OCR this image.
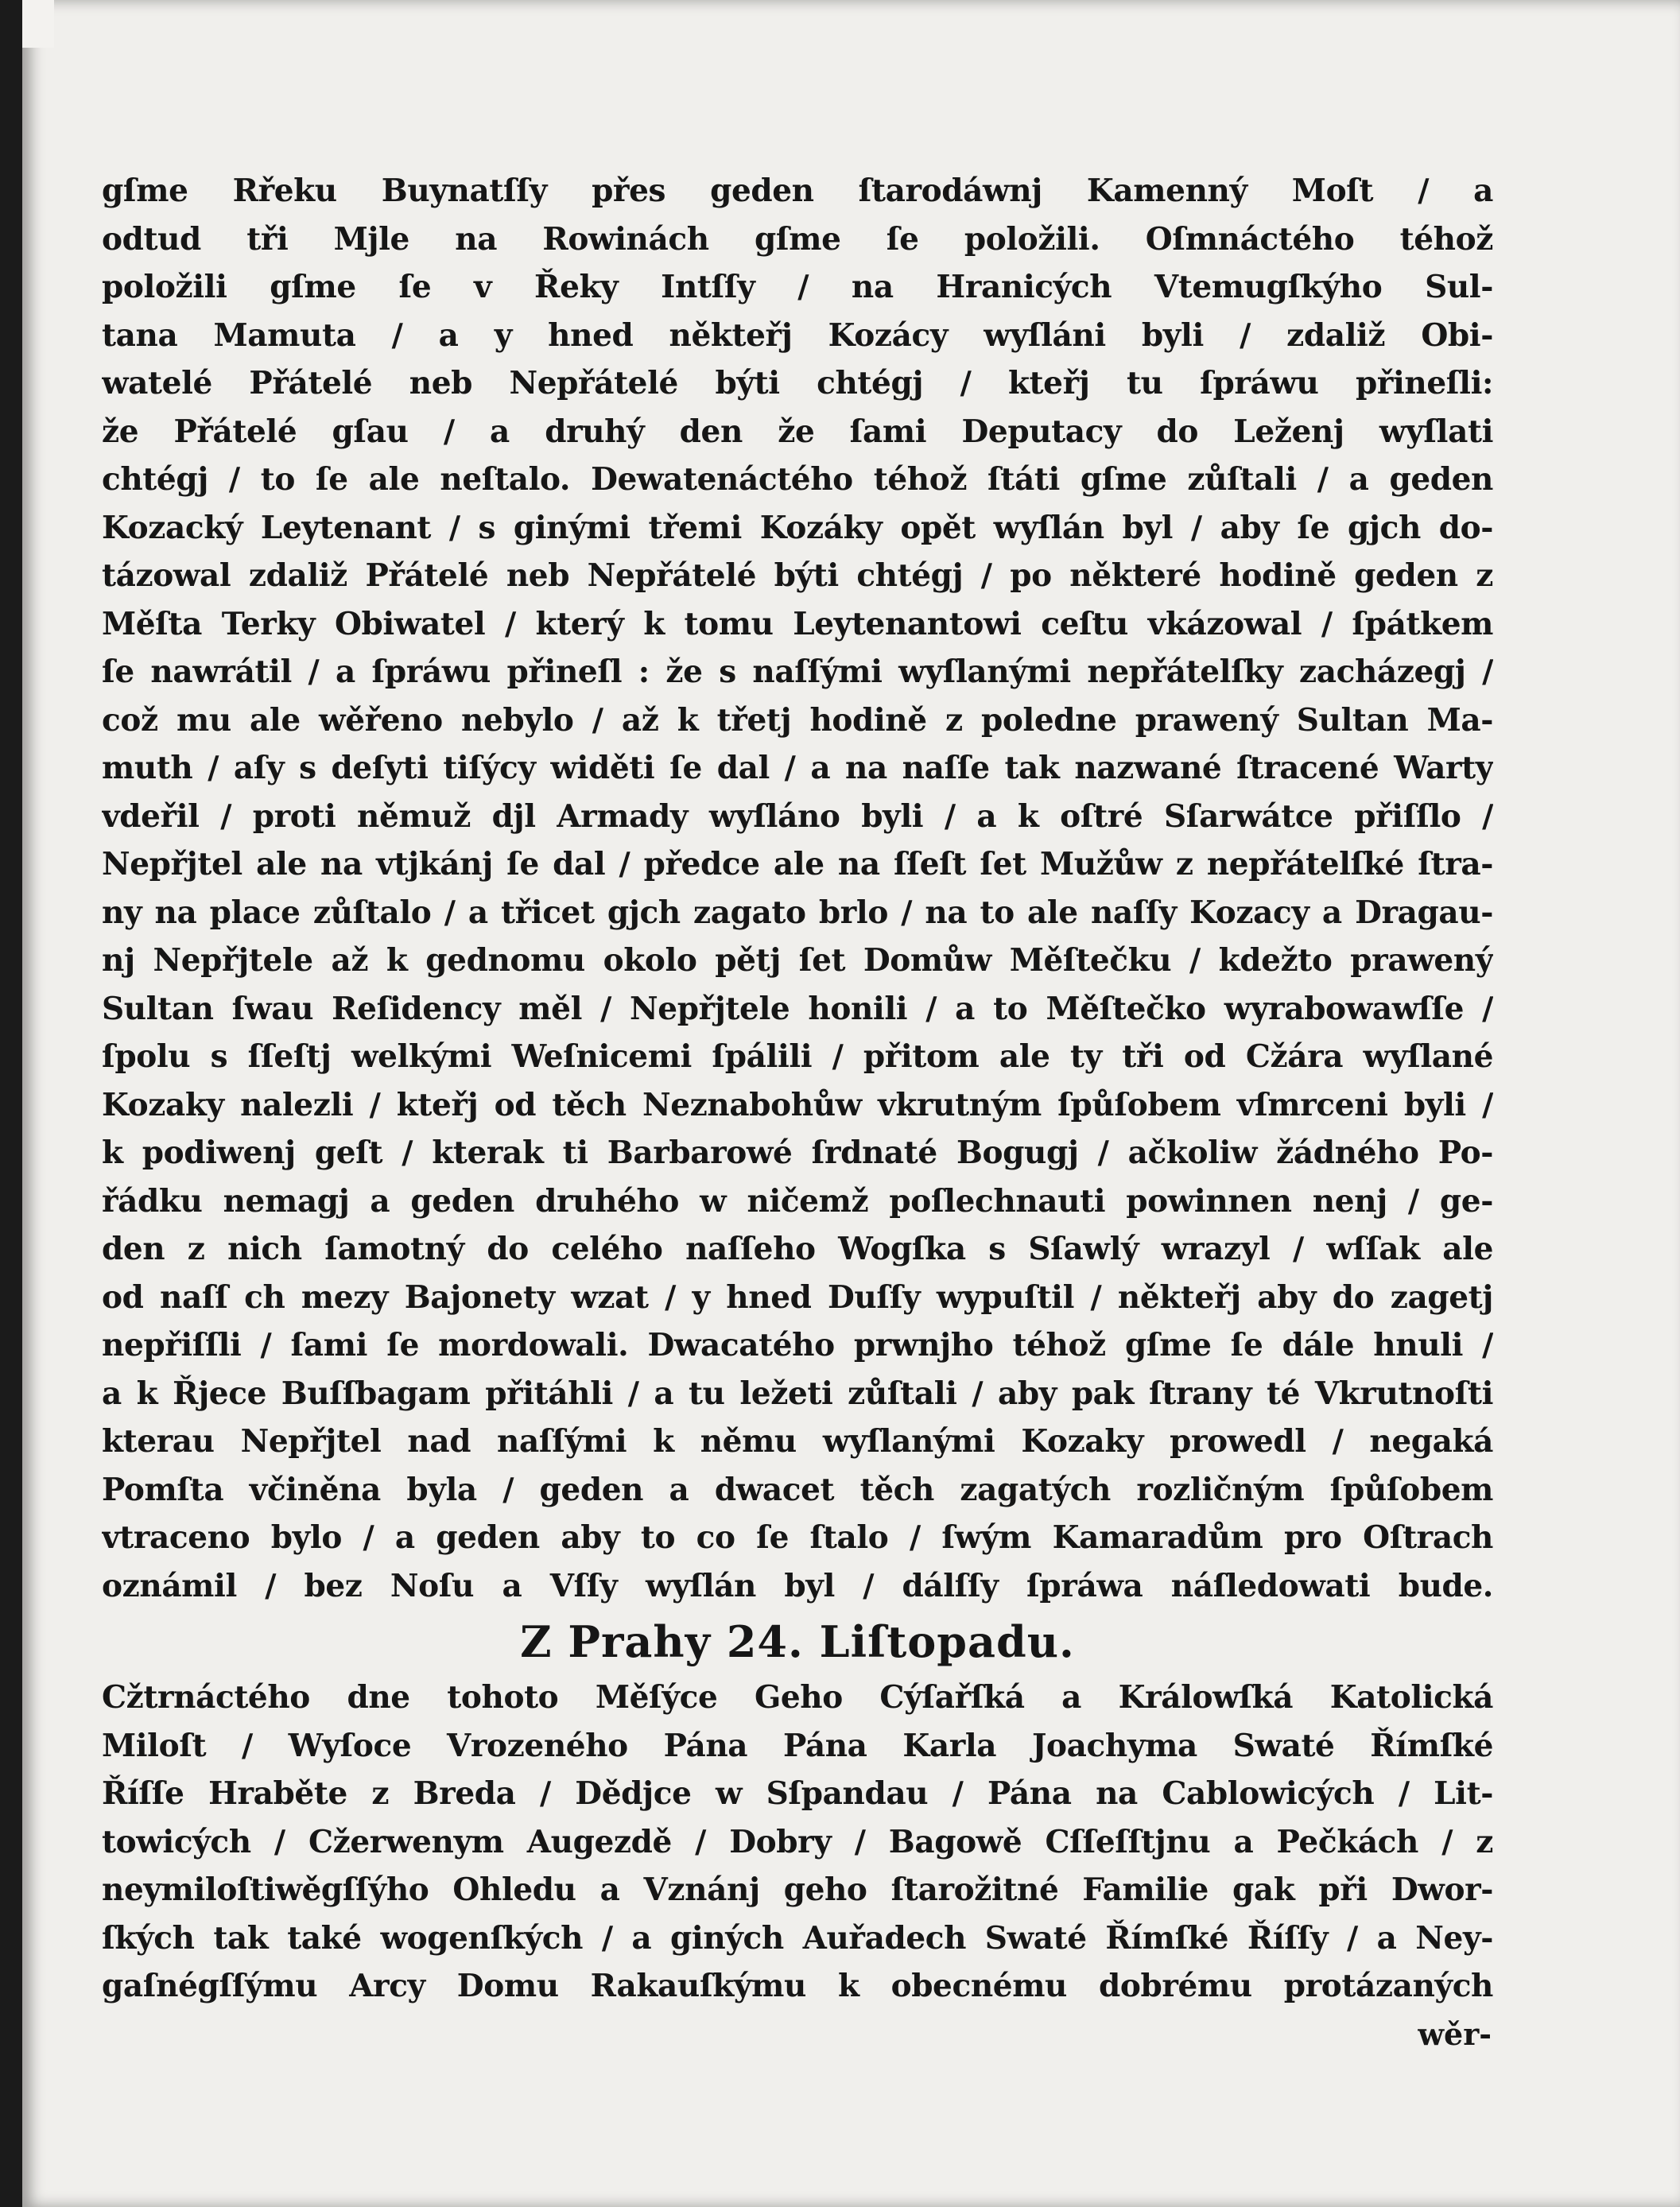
gſme Rřeku Buynatſſy přes geden ſtarodáwnj Kamenný Moſt / a
odtud tři Mjle na Rowinách gſme ſe položili. Oſmnáctého téhož
položili gſme ſe v Řeky Intſſy / na Hranicých Vtemugſkýho Sul-
tana Mamuta / a y hned někteřj Kozácy wyſláni byli / zdaliž Obi-
watelé Přátelé neb Nepřátelé býti chtégj / kteřj tu ſpráwu přineſli:
že Přátelé gſau / a druhý den že ſami Deputacy do Leženj wyſlati
chtégj / to ſe ale neſtalo. Dewatenáctého téhož ſtáti gſme zůſtali / a geden
Kozacký Leytenant / s ginými třemi Kozáky opět wyſlán byl / aby ſe gjch do-
tázowal zdaliž Přátelé neb Nepřátelé býti chtégj / po některé hodině geden z
Měſta Terky Obiwatel / který k tomu Leytenantowi ceſtu vkázowal / ſpátkem
ſe nawrátil / a ſpráwu přineſl : že s naſſými wyſlanými nepřátelſky zacházegj /
což mu ale wěřeno nebylo / až k třetj hodině z poledne prawený Sultan Ma-
muth / aſy s deſyti tiſýcy widěti ſe dal / a na naſſe tak nazwané ſtracené Warty
vdeřil / proti němuž djl Armady wyſláno byli / a k oſtré Sſarwátce přiſſlo /
Nepřjtel ale na vtjkánj ſe dal / předce ale na ſſeſt ſet Mužůw z nepřátelſké ſtra-
ny na place zůſtalo / a třicet gjch zagato brlo / na to ale naſſy Kozacy a Dragau-
nj Nepřjtele až k gednomu okolo pětj ſet Domůw Měſtečku / kdežto prawený
Sultan ſwau Reſidency měl / Nepřjtele honili / a to Měſtečko wyrabowawſſe /
ſpolu s ſſeſtj welkými Weſnicemi ſpálili / přitom ale ty tři od Cžára wyſlané
Kozaky nalezli / kteřj od těch Neznabohůw vkrutným ſpůſobem vſmrceni byli /
k podiwenj geſt / kterak ti Barbarowé ſrdnaté Bogugj / ačkoliw žádného Po-
řádku nemagj a geden druhého w ničemž poſlechnauti powinnen nenj / ge-
den z nich ſamotný do celého naſſeho Wogſka s Sſawlý wrazyl / wſſak ale
od naſſ ch mezy Bajonety wzat / y hned Duſſy wypuſtil / někteřj aby do zagetj
nepřiſſli / ſami ſe mordowali. Dwacatého prwnjho téhož gſme ſe dále hnuli /
a k Řjece Buſſbagam přitáhli / a tu ležeti zůſtali / aby pak ſtrany té Vkrutnoſti
kterau Nepřjtel nad naſſými k němu wyſlanými Kozaky prowedl / negaká
Pomſta včiněna byla / geden a dwacet těch zagatých rozličným ſpůſobem
vtraceno bylo / a geden aby to co ſe ſtalo / ſwým Kamaradům pro Oſtrach
oznámil / bez Noſu a Vſſy wyſlán byl / dálſſy ſpráwa náſledowati bude.
Z Prahy 24. Liſtopadu.
Cžtrnáctého dne tohoto Měſýce Geho Cýſařſká a Králowſká Katolická
Miloſt / Wyſoce Vrozeného Pána Pána Karla Joachyma Swaté Římſké
Říſſe Hraběte z Breda / Dědjce w Sſpandau / Pána na Cablowicých / Lit-
towicých / Cžerwenym Augezdě / Dobry / Bagowě Cſſeſſtjnu a Pečkách / z
neymiloſtiwěgſſýho Ohledu a Vznánj geho ſtarožitné Familie gak při Dwor-
ſkých tak také wogenſkých / a giných Auřadech Swaté Římſké Říſſy / a Ney-
gaſnégſſýmu Arcy Domu Rakauſkýmu k obecnému dobrému protázaných
wěr-
